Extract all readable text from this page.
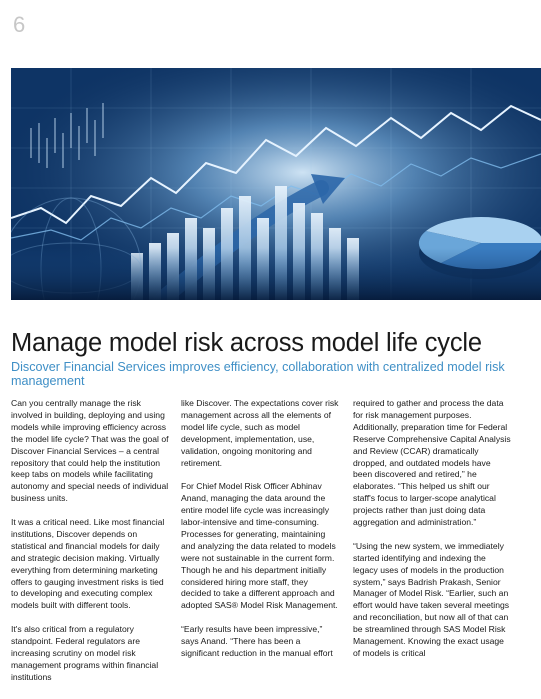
6
Manage model risk across model life cycle
Discover Financial Services improves efficiency, collaboration with centralized model risk management

Can you centrally manage the risk involved in building, deploying and using models while improving efficiency across the model life cycle? That was the goal of Discover Financial Services – a central repository that could help the institution keep tabs on models while facilitating autonomy and special needs of individual business units.

It was a critical need. Like most financial institutions, Discover depends on statistical and financial models for daily and strategic decision making. Virtually everything from determining marketing offers to gauging investment risks is tied to developing and executing complex models built with different tools.

It's also critical from a regulatory standpoint. Federal regulators are increasing scrutiny on model risk management programs within financial institutions

like Discover. The expectations cover risk management across all the elements of model life cycle, such as model development, implementation, use, validation, ongoing monitoring and retirement.

For Chief Model Risk Officer Abhinav Anand, managing the data around the entire model life cycle was increasingly labor-intensive and time-consuming. Processes for generating, maintaining and analyzing the data related to models were not sustainable in the current form. Though he and his department initially considered hiring more staff, they decided to take a different approach and adopted SAS® Model Risk Management.

“Early results have been impressive,” says Anand. “There has been a significant reduction in the manual effort

required to gather and process the data for risk management purposes. Additionally, preparation time for Federal Reserve Comprehensive Capital Analysis and Review (CCAR) dramatically dropped, and outdated models have been discovered and retired,” he elaborates. “This helped us shift our staff's focus to larger-scope analytical projects rather than just doing data aggregation and administration.”

“Using the new system, we immediately started identifying and indexing the legacy uses of models in the production system,” says Badrish Prakash, Senior Manager of Model Risk. “Earlier, such an effort would have taken several meetings and reconciliation, but now all of that can be streamlined through SAS Model Risk Management. Knowing the exact usage of models is critical
